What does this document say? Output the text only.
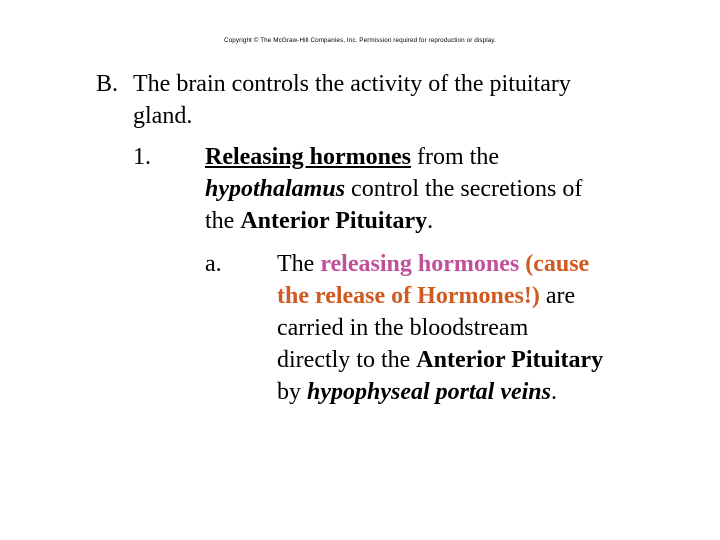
Copyright © The McGraw-Hill Companies, Inc. Permission required for reproduction or display.
B. The brain controls the activity of the pituitary
gland.
1. Releasing hormones from the
hypothalamus control the secretions of
the Anterior Pituitary.
a. The releasing hormones (cause
the release of Hormones!) are
carried in the bloodstream
directly to the Anterior Pituitary
by hypophyseal portal veins.
